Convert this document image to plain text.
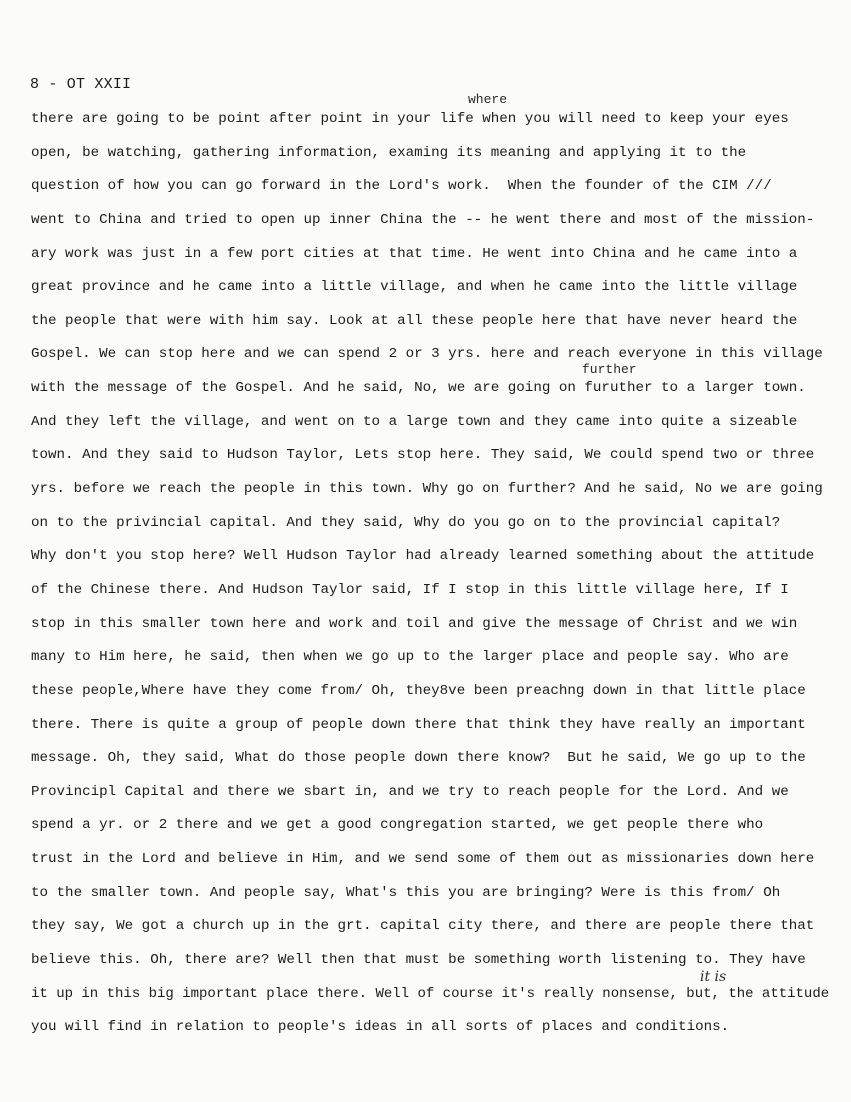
8 - OT XXII
where
further
it is
there are going to be point after point in your life when you will need to keep your eyes
open, be watching, gathering information, examing its meaning and applying it to the
question of how you can go forward in the Lord's work.  When the founder of the CIM ///
went to China and tried to open up inner China the -- he went there and most of the mission-
ary work was just in a few port cities at that time. He went into China and he came into a
great province and he came into a little village, and when he came into the little village
the people that were with him say. Look at all these people here that have never heard the
Gospel. We can stop here and we can spend 2 or 3 yrs. here and reach everyone in this village
with the message of the Gospel. And he said, No, we are going on furuther to a larger town.
And they left the village, and went on to a large town and they came into quite a sizeable
town. And they said to Hudson Taylor, Lets stop here. They said, We could spend two or three
yrs. before we reach the people in this town. Why go on further? And he said, No we are going
on to the privincial capital. And they said, Why do you go on to the provincial capital?
Why don't you stop here? Well Hudson Taylor had already learned something about the attitude
of the Chinese there. And Hudson Taylor said, If I stop in this little village here, If I
stop in this smaller town here and work and toil and give the message of Christ and we win
many to Him here, he said, then when we go up to the larger place and people say. Who are
these people,Where have they come from/ Oh, they8ve been preachng down in that little place
there. There is quite a group of people down there that think they have really an important
message. Oh, they said, What do those people down there know?  But he said, We go up to the
Provincipl Capital and there we sbart in, and we try to reach people for the Lord. And we
spend a yr. or 2 there and we get a good congregation started, we get people there who
trust in the Lord and believe in Him, and we send some of them out as missionaries down here
to the smaller town. And people say, What's this you are bringing? Were is this from/ Oh
they say, We got a church up in the grt. capital city there, and there are people there that
believe this. Oh, there are? Well then that must be something worth listening to. They have
it up in this big important place there. Well of course it's really nonsense, but, the attitude
you will find in relation to people's ideas in all sorts of places and conditions.
